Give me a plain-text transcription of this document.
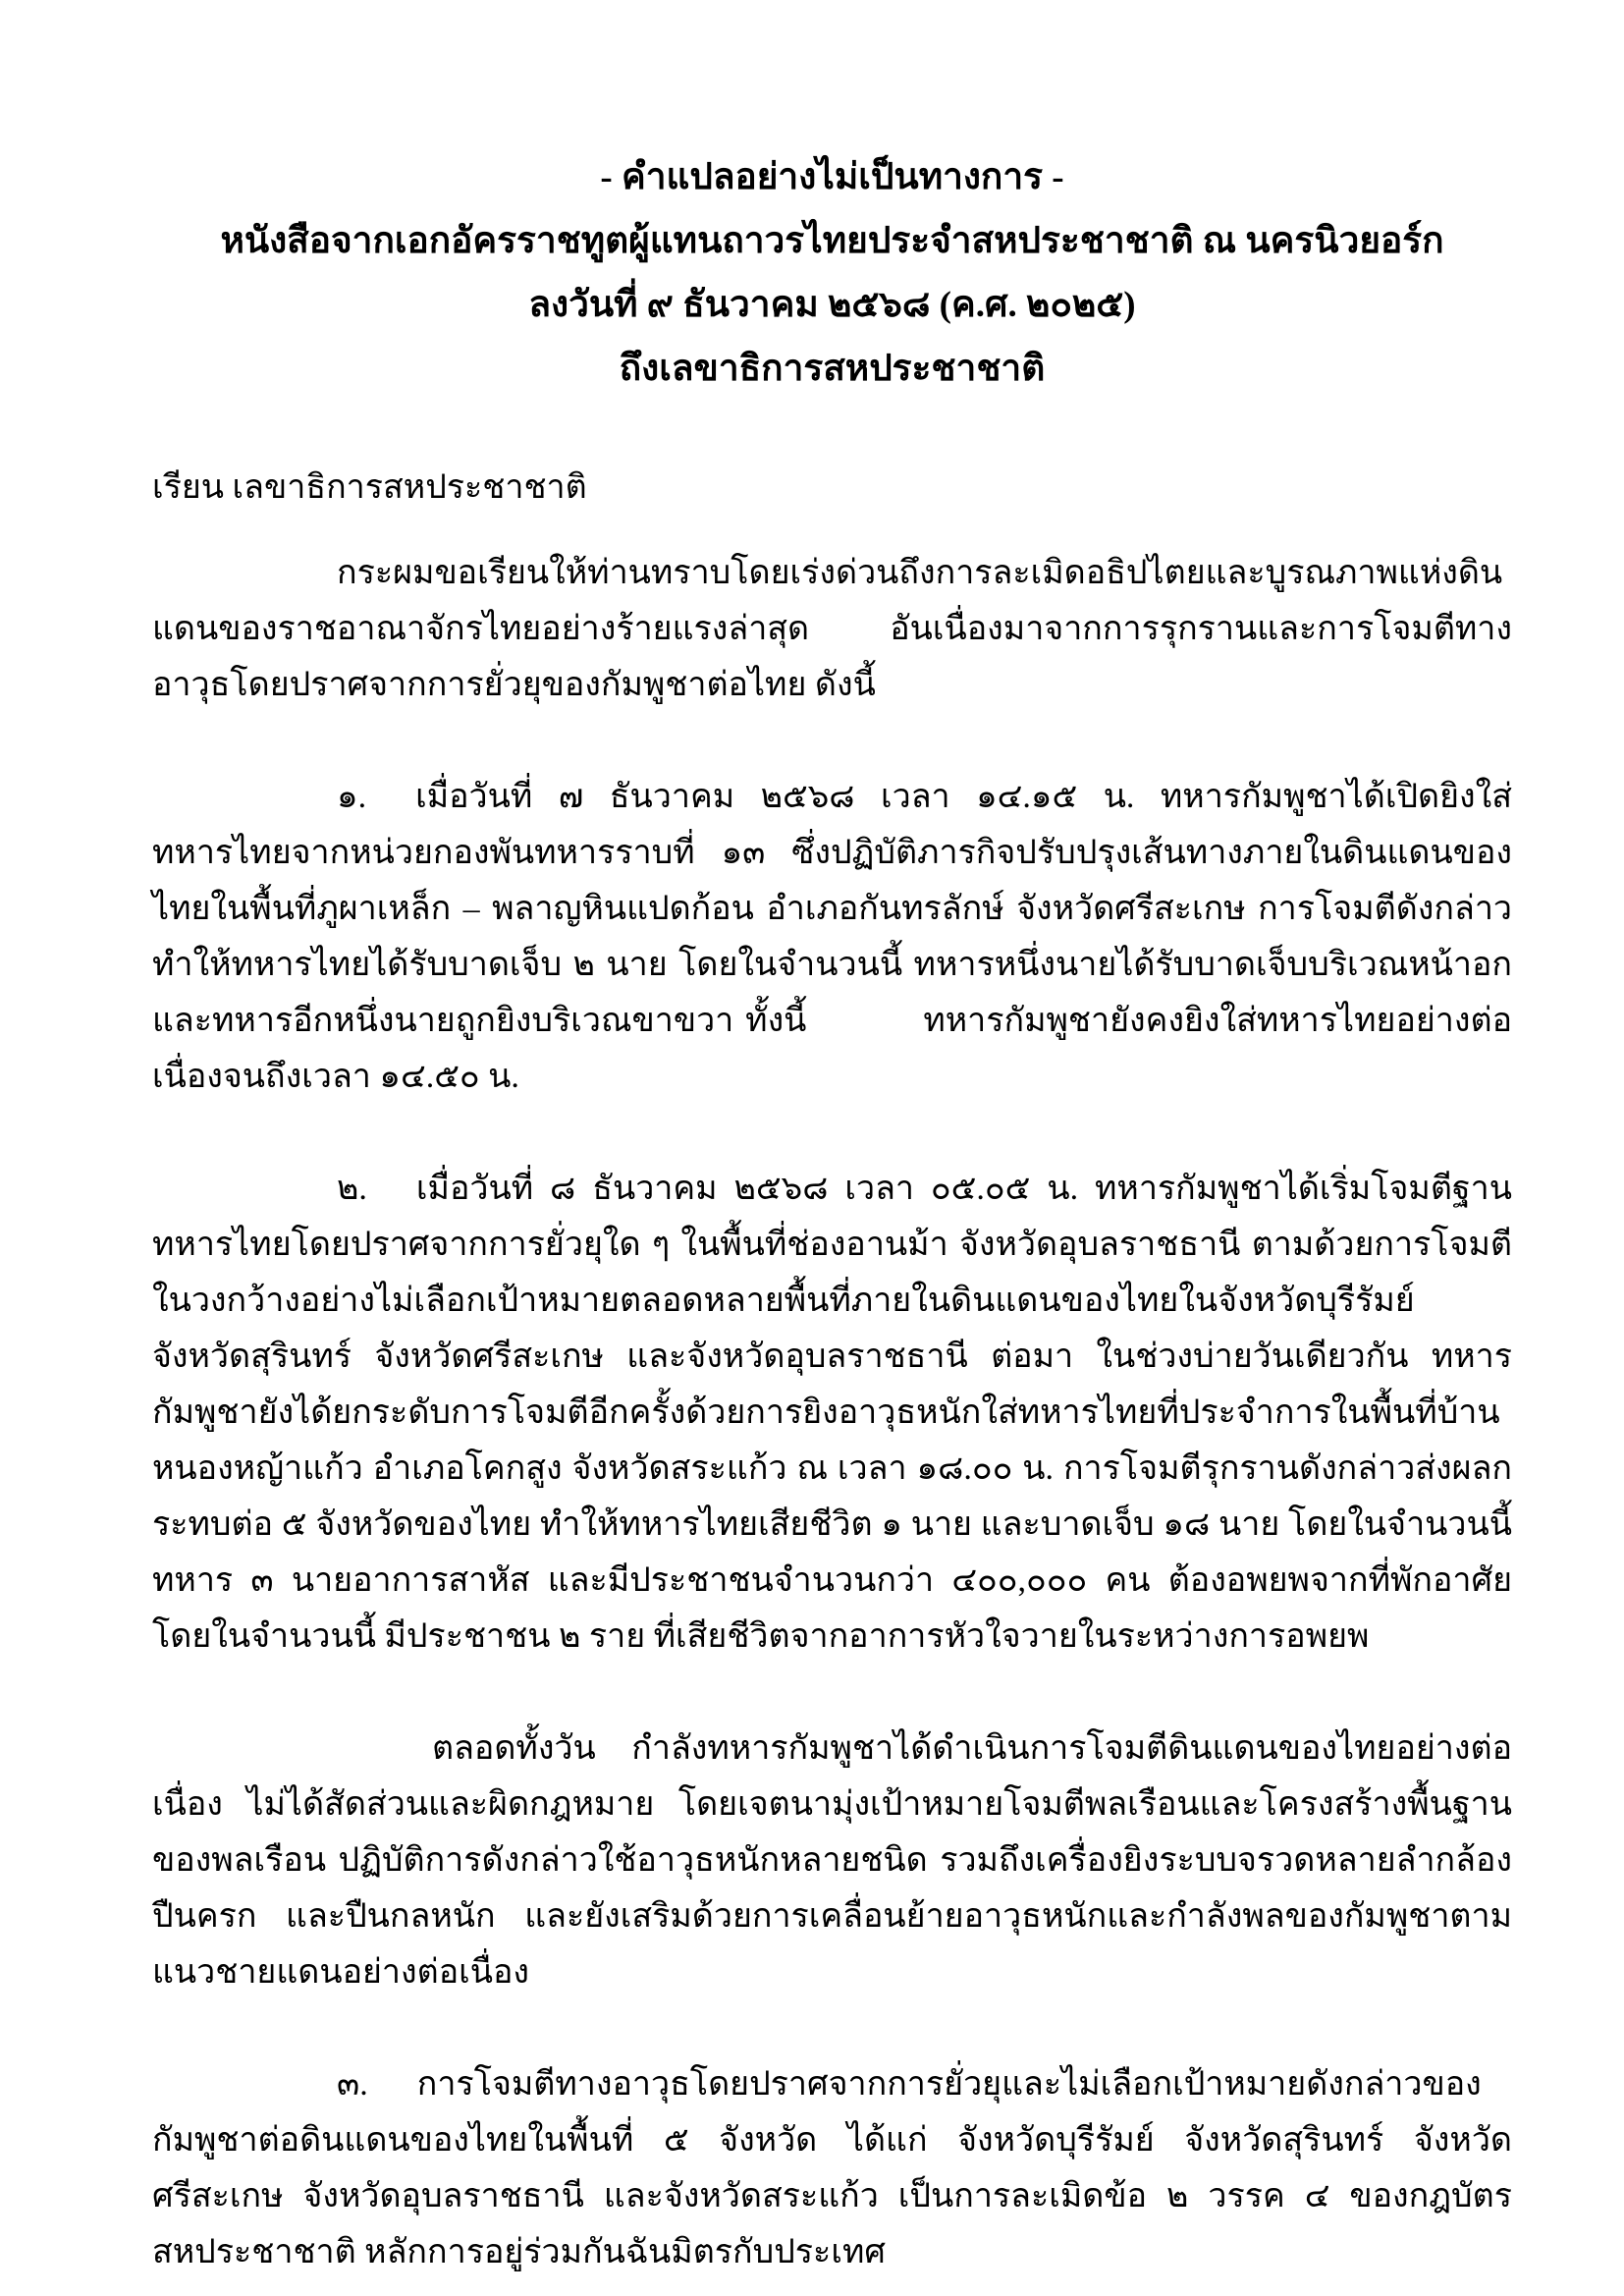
- คำแปลอย่างไม่เป็นทางการ -
หนังสือจากเอกอัครราชทูตผู้แทนถาวรไทยประจำสหประชาชาติ ณ นครนิวยอร์ก
ลงวันที่ ๙ ธันวาคม ๒๕๖๘ (ค.ศ. ๒๐๒๕)
ถึงเลขาธิการสหประชาชาติ
เรียน เลขาธิการสหประชาชาติ

กระผมขอเรียนให้ท่านทราบโดยเร่งด่วนถึงการละเมิดอธิปไตยและบูรณภาพแห่งดินแดนของราชอาณาจักรไทยอย่างร้ายแรงล่าสุด อันเนื่องมาจากการรุกรานและการโจมตีทางอาวุธโดยปราศจากการยั่วยุของกัมพูชาต่อไทย ดังนี้

๑. เมื่อวันที่ ๗ ธันวาคม ๒๕๖๘ เวลา ๑๔.๑๕ น. ทหารกัมพูชาได้เปิดยิงใส่ทหารไทยจากหน่วยกองพันทหารราบที่ ๑๓ ซึ่งปฏิบัติภารกิจปรับปรุงเส้นทางภายในดินแดนของไทยในพื้นที่ภูผาเหล็ก – พลาญหินแปดก้อน อำเภอกันทรลักษ์ จังหวัดศรีสะเกษ การโจมตีดังกล่าวทำให้ทหารไทยได้รับบาดเจ็บ ๒ นาย โดยในจำนวนนี้ ทหารหนึ่งนายได้รับบาดเจ็บบริเวณหน้าอกและทหารอีกหนึ่งนายถูกยิงบริเวณขาขวา ทั้งนี้          ทหารกัมพูชายังคงยิงใส่ทหารไทยอย่างต่อเนื่องจนถึงเวลา ๑๔.๕๐ น.

๒. เมื่อวันที่ ๘ ธันวาคม ๒๕๖๘ เวลา ๐๕.๐๕ น. ทหารกัมพูชาได้เริ่มโจมตีฐานทหารไทยโดยปราศจากการยั่วยุใด ๆ ในพื้นที่ช่องอานม้า จังหวัดอุบลราชธานี ตามด้วยการโจมตีในวงกว้างอย่างไม่เลือกเป้าหมายตลอดหลายพื้นที่ภายในดินแดนของไทยในจังหวัดบุรีรัมย์ จังหวัดสุรินทร์ จังหวัดศรีสะเกษ และจังหวัดอุบลราชธานี ต่อมา ในช่วงบ่ายวันเดียวกัน ทหารกัมพูชายังได้ยกระดับการโจมตีอีกครั้งด้วยการยิงอาวุธหนักใส่ทหารไทยที่ประจำการในพื้นที่บ้านหนองหญ้าแก้ว อำเภอโคกสูง จังหวัดสระแก้ว ณ เวลา ๑๘.๐๐ น. การโจมตีรุกรานดังกล่าวส่งผลกระทบต่อ ๕ จังหวัดของไทย ทำให้ทหารไทยเสียชีวิต ๑ นาย และบาดเจ็บ ๑๘ นาย โดยในจำนวนนี้ ทหาร ๓ นายอาการสาหัส และมีประชาชนจำนวนกว่า ๔๐๐,๐๐๐ คน ต้องอพยพจากที่พักอาศัย โดยในจำนวนนี้ มีประชาชน ๒ ราย ที่เสียชีวิตจากอาการหัวใจวายในระหว่างการอพยพ

ตลอดทั้งวัน กำลังทหารกัมพูชาได้ดำเนินการโจมตีดินแดนของไทยอย่างต่อเนื่อง ไม่ได้สัดส่วนและผิดกฎหมาย โดยเจตนามุ่งเป้าหมายโจมตีพลเรือนและโครงสร้างพื้นฐานของพลเรือน ปฏิบัติการดังกล่าวใช้อาวุธหนักหลายชนิด รวมถึงเครื่องยิงระบบจรวดหลายลำกล้อง ปืนครก และปืนกลหนัก และยังเสริมด้วยการเคลื่อนย้ายอาวุธหนักและกำลังพลของกัมพูชาตามแนวชายแดนอย่างต่อเนื่อง

๓. การโจมตีทางอาวุธโดยปราศจากการยั่วยุและไม่เลือกเป้าหมายดังกล่าวของกัมพูชาต่อดินแดนของไทยในพื้นที่ ๕ จังหวัด ได้แก่ จังหวัดบุรีรัมย์ จังหวัดสุรินทร์ จังหวัดศรีสะเกษ จังหวัดอุบลราชธานี และจังหวัดสระแก้ว เป็นการละเมิดข้อ ๒ วรรค ๔ ของกฎบัตรสหประชาชาติ หลักการอยู่ร่วมกันฉันมิตรกับประเทศ
